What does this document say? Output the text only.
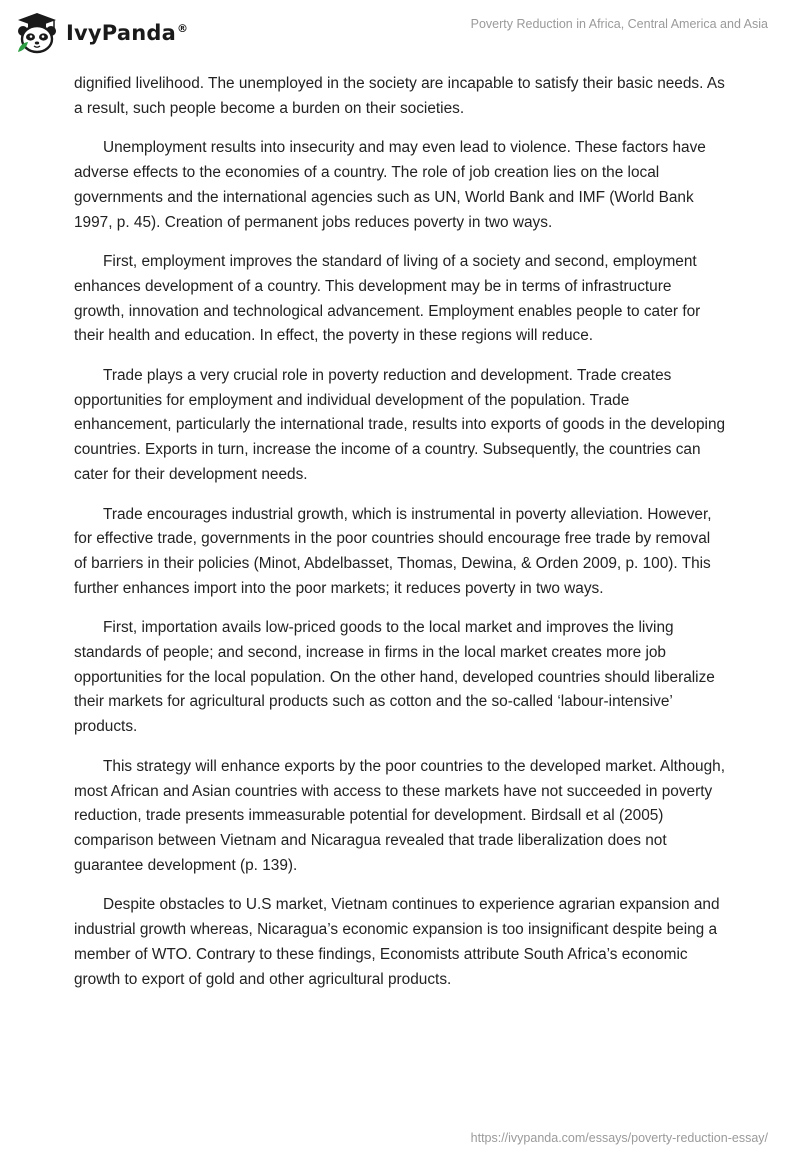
IvyPanda®	Poverty Reduction in Africa, Central America and Asia

dignified livelihood. The unemployed in the society are incapable to satisfy their basic needs. As a result, such people become a burden on their societies.

Unemployment results into insecurity and may even lead to violence. These factors have adverse effects to the economies of a country. The role of job creation lies on the local governments and the international agencies such as UN, World Bank and IMF (World Bank 1997, p. 45). Creation of permanent jobs reduces poverty in two ways.

First, employment improves the standard of living of a society and second, employment enhances development of a country. This development may be in terms of infrastructure growth, innovation and technological advancement. Employment enables people to cater for their health and education. In effect, the poverty in these regions will reduce.

Trade plays a very crucial role in poverty reduction and development. Trade creates opportunities for employment and individual development of the population. Trade enhancement, particularly the international trade, results into exports of goods in the developing countries. Exports in turn, increase the income of a country. Subsequently, the countries can cater for their development needs.

Trade encourages industrial growth, which is instrumental in poverty alleviation. However, for effective trade, governments in the poor countries should encourage free trade by removal of barriers in their policies (Minot, Abdelbasset, Thomas, Dewina, & Orden 2009, p. 100). This further enhances import into the poor markets; it reduces poverty in two ways.

First, importation avails low-priced goods to the local market and improves the living standards of people; and second, increase in firms in the local market creates more job opportunities for the local population. On the other hand, developed countries should liberalize their markets for agricultural products such as cotton and the so-called ‘labour-intensive’ products.

This strategy will enhance exports by the poor countries to the developed market. Although, most African and Asian countries with access to these markets have not succeeded in poverty reduction, trade presents immeasurable potential for development. Birdsall et al (2005) comparison between Vietnam and Nicaragua revealed that trade liberalization does not guarantee development (p. 139).

Despite obstacles to U.S market, Vietnam continues to experience agrarian expansion and industrial growth whereas, Nicaragua’s economic expansion is too insignificant despite being a member of WTO. Contrary to these findings, Economists attribute South Africa’s economic growth to export of gold and other agricultural products.

https://ivypanda.com/essays/poverty-reduction-essay/
